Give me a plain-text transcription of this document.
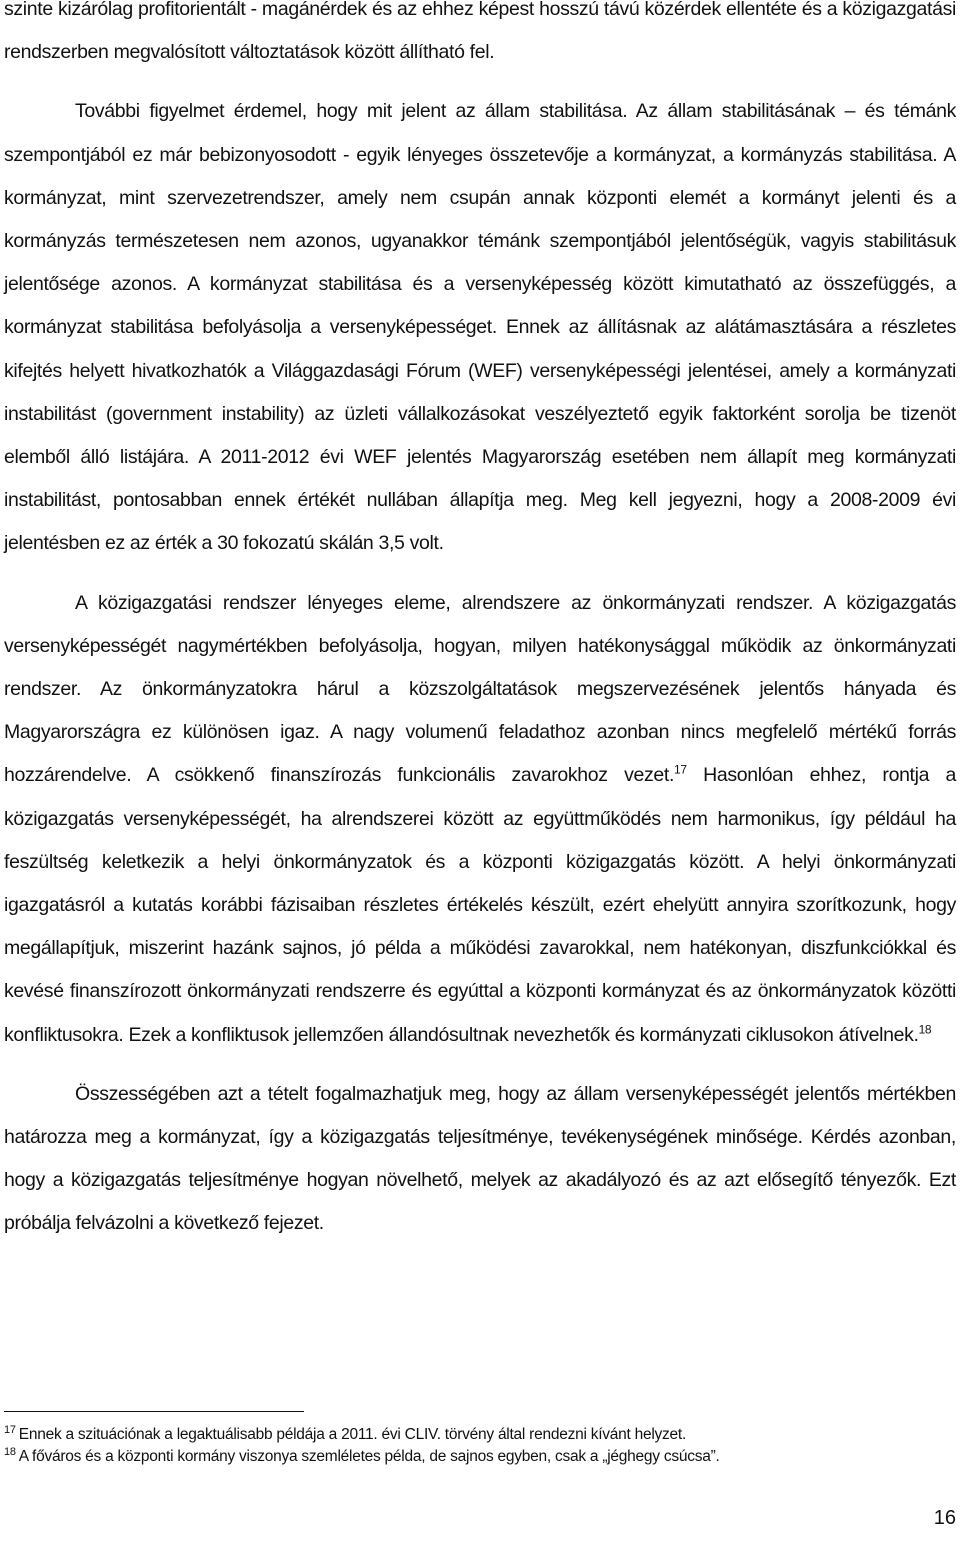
szinte kizárólag profitorientált - magánérdek és az ehhez képest hosszú távú közérdek ellentéte és a közigazgatási rendszerben megvalósított változtatások között állítható fel.

További figyelmet érdemel, hogy mit jelent az állam stabilitása. Az állam stabilitásának – és témánk szempontjából ez már bebizonyosodott - egyik lényeges összetevője a kormányzat, a kormányzás stabilitása. A kormányzat, mint szervezetrendszer, amely nem csupán annak központi elemét a kormányt jelenti és a kormányzás természetesen nem azonos, ugyanakkor témánk szempontjából jelentőségük, vagyis stabilitásuk jelentősége azonos. A kormányzat stabilitása és a versenyképesség között kimutatható az összefüggés, a kormányzat stabilitása befolyásolja a versenyképességet. Ennek az állításnak az alátámasztására a részletes kifejtés helyett hivatkozhatók a Világgazdasági Fórum (WEF) versenyképességi jelentései, amely a kormányzati instabilitást (government instability) az üzleti vállalkozásokat veszélyeztető egyik faktorként sorolja be tizenöt elemből álló listájára. A 2011-2012 évi WEF jelentés Magyarország esetében nem állapít meg kormányzati instabilitást, pontosabban ennek értékét nullában állapítja meg. Meg kell jegyezni, hogy a 2008-2009 évi jelentésben ez az érték a 30 fokozatú skálán 3,5 volt.

A közigazgatási rendszer lényeges eleme, alrendszere az önkormányzati rendszer. A közigazgatás versenyképességét nagymértékben befolyásolja, hogyan, milyen hatékonysággal működik az önkormányzati rendszer. Az önkormányzatokra hárul a közszolgáltatások megszervezésének jelentős hányada és Magyarországra ez különösen igaz. A nagy volumenű feladathoz azonban nincs megfelelő mértékű forrás hozzárendelve. A csökkenő finanszírozás funkcionális zavarokhoz vezet.$^{17}$ Hasonlóan ehhez, rontja a közigazgatás versenyképességét, ha alrendszerei között az együttműködés nem harmonikus, így például ha feszültség keletkezik a helyi önkormányzatok és a központi közigazgatás között. A helyi önkormányzati igazgatásról a kutatás korábbi fázisaiban részletes értékelés készült, ezért ehelyütt annyira szorítkozunk, hogy megállapítjuk, miszerint hazánk sajnos, jó példa a működési zavarokkal, nem hatékonyan, diszfunkciókkal és kevésé finanszírozott önkormányzati rendszerre és egyúttal a központi kormányzat és az önkormányzatok közötti konfliktusokra. Ezek a konfliktusok jellemzően állandósultnak nevezhetők és kormányzati ciklusokon átívelnek.$^{18}$

Összességében azt a tételt fogalmazhatjuk meg, hogy az állam versenyképességét jelentős mértékben határozza meg a kormányzat, így a közigazgatás teljesítménye, tevékenységének minősége. Kérdés azonban, hogy a közigazgatás teljesítménye hogyan növelhető, melyek az akadályozó és az azt elősegítő tényezők. Ezt próbálja felvázolni a következő fejezet.

$^{17}$ Ennek a szituációnak a legaktuálisabb példája a 2011. évi CLIV. törvény által rendezni kívánt helyzet.

$^{18}$ A főváros és a központi kormány viszonya szemléletes példa, de sajnos egyben, csak a „jéghegy csúcsa”.

16
